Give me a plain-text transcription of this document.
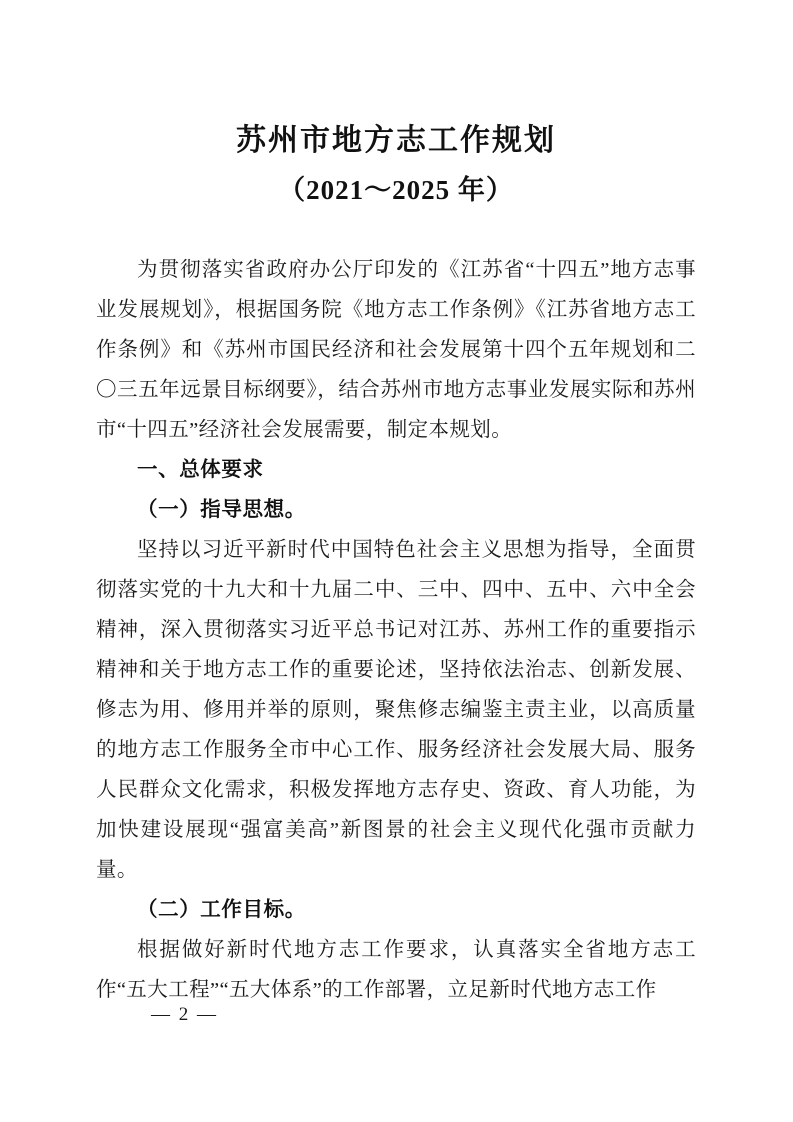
苏州市地方志工作规划
（2021～2025 年）

为贯彻落实省政府办公厅印发的《江苏省“十四五”地方志事业发展规划》，根据国务院《地方志工作条例》《江苏省地方志工作条例》和《苏州市国民经济和社会发展第十四个五年规划和二〇三五年远景目标纲要》，结合苏州市地方志事业发展实际和苏州市“十四五”经济社会发展需要，制定本规划。

一、总体要求

（一）指导思想。

坚持以习近平新时代中国特色社会主义思想为指导，全面贯彻落实党的十九大和十九届二中、三中、四中、五中、六中全会精神，深入贯彻落实习近平总书记对江苏、苏州工作的重要指示精神和关于地方志工作的重要论述，坚持依法治志、创新发展、修志为用、修用并举的原则，聚焦修志编鉴主责主业，以高质量的地方志工作服务全市中心工作、服务经济社会发展大局、服务人民群众文化需求，积极发挥地方志存史、资政、育人功能，为加快建设展现“强富美高”新图景的社会主义现代化强市贡献力量。

（二）工作目标。

根据做好新时代地方志工作要求，认真落实全省地方志工作“五大工程”“五大体系”的工作部署，立足新时代地方志工作

— 2 —
